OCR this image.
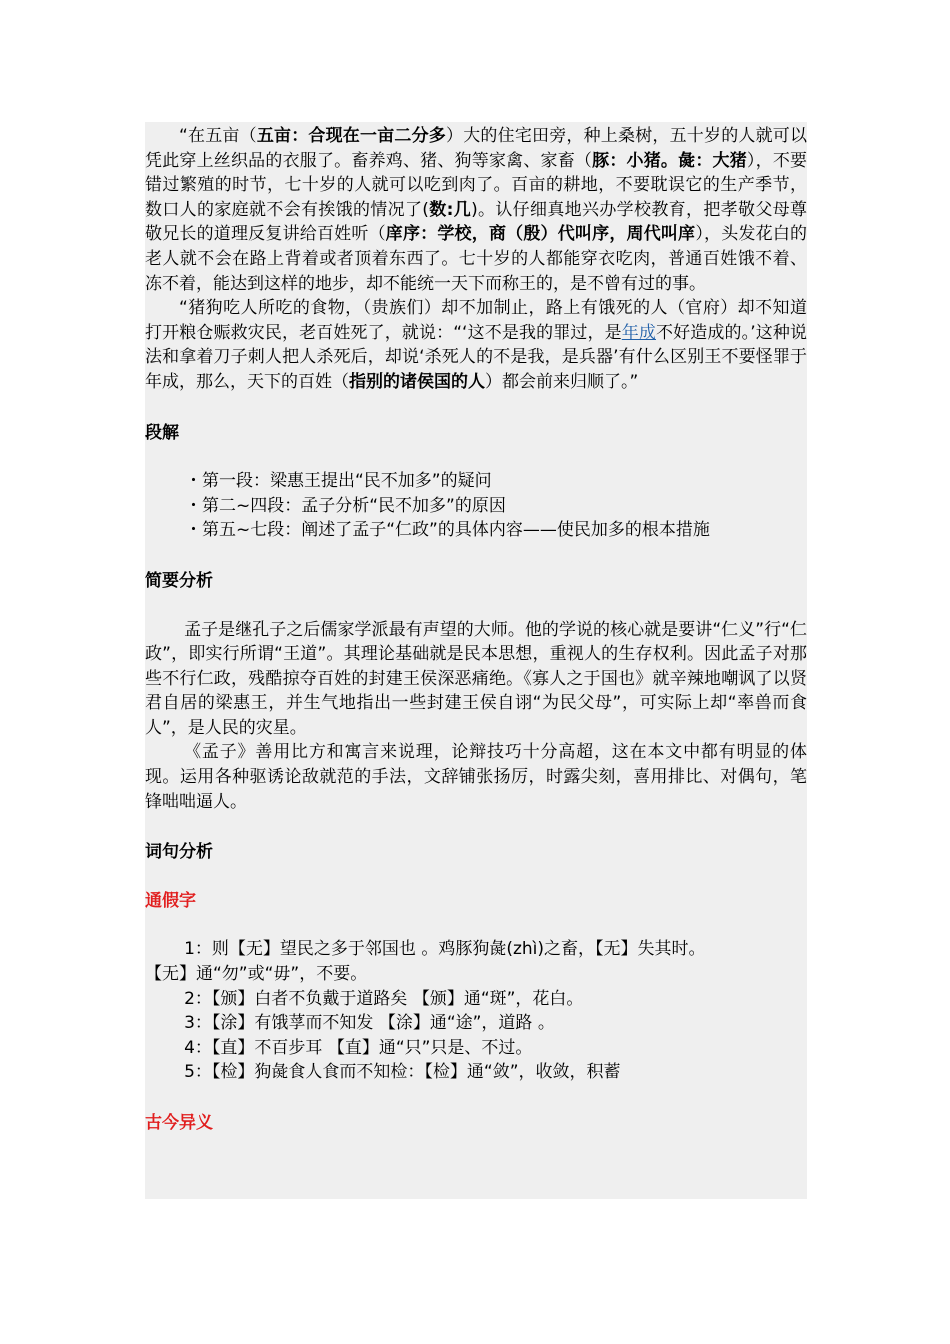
“在五亩（五亩：合现在一亩二分多）大的住宅田旁，种上桑树，五十岁的人就可以凭此穿上丝织品的衣服了。畜养鸡、猪、狗等家禽、家畜（豚：小猪。彘：大猪），不要错过繁殖的时节，七十岁的人就可以吃到肉了。百亩的耕地，不要耽误它的生产季节，数口人的家庭就不会有挨饿的情况了(数:几)。认仔细真地兴办学校教育，把孝敬父母尊敬兄长的道理反复讲给百姓听（庠序：学校，商（殷）代叫序，周代叫庠），头发花白的老人就不会在路上背着或者顶着东西了。七十岁的人都能穿衣吃肉，普通百姓饿不着、冻不着，能达到这样的地步，却不能统一天下而称王的，是不曾有过的事。

“猪狗吃人所吃的食物，（贵族们）却不加制止，路上有饿死的人（官府）却不知道打开粮仓赈救灾民，老百姓死了，就说：“‘这不是我的罪过，是年成不好造成的。’这种说法和拿着刀子刺人把人杀死后，却说‘杀死人的不是我，是兵器’有什么区别王不要怪罪于年成，那么，天下的百姓（指别的诸侯国的人）都会前来归顺了。”

段解

・第一段：梁惠王提出“民不加多”的疑问
・第二~四段：孟子分析“民不加多”的原因
・第五~七段：阐述了孟子“仁政”的具体内容——使民加多的根本措施

简要分析

孟子是继孔子之后儒家学派最有声望的大师。他的学说的核心就是要讲“仁义”行“仁政”，即实行所谓“王道”。其理论基础就是民本思想，重视人的生存权利。因此孟子对那些不行仁政，残酷掠夺百姓的封建王侯深恶痛绝。《寡人之于国也》就辛辣地嘲讽了以贤君自居的梁惠王，并生气地指出一些封建王侯自诩“为民父母”，可实际上却“率兽而食人”，是人民的灾星。

《孟子》善用比方和寓言来说理，论辩技巧十分高超，这在本文中都有明显的体现。运用各种驱诱论敌就范的手法，文辞铺张扬厉，时露尖刻，喜用排比、对偶句，笔锋咄咄逼人。

词句分析

通假字

1：则【无】望民之多于邻国也 。鸡豚狗彘(zhì)之畜，【无】失其时。

【无】通“勿”或“毋”，不要。

2：【颁】白者不负戴于道路矣 【颁】通“斑”，花白。

3：【涂】有饿莩而不知发 【涂】通“途”，道路 。

4：【直】不百步耳 【直】通“只”只是、不过。

5：【检】狗彘食人食而不知检：【检】通“敛”，收敛，积蓄

古今异义
